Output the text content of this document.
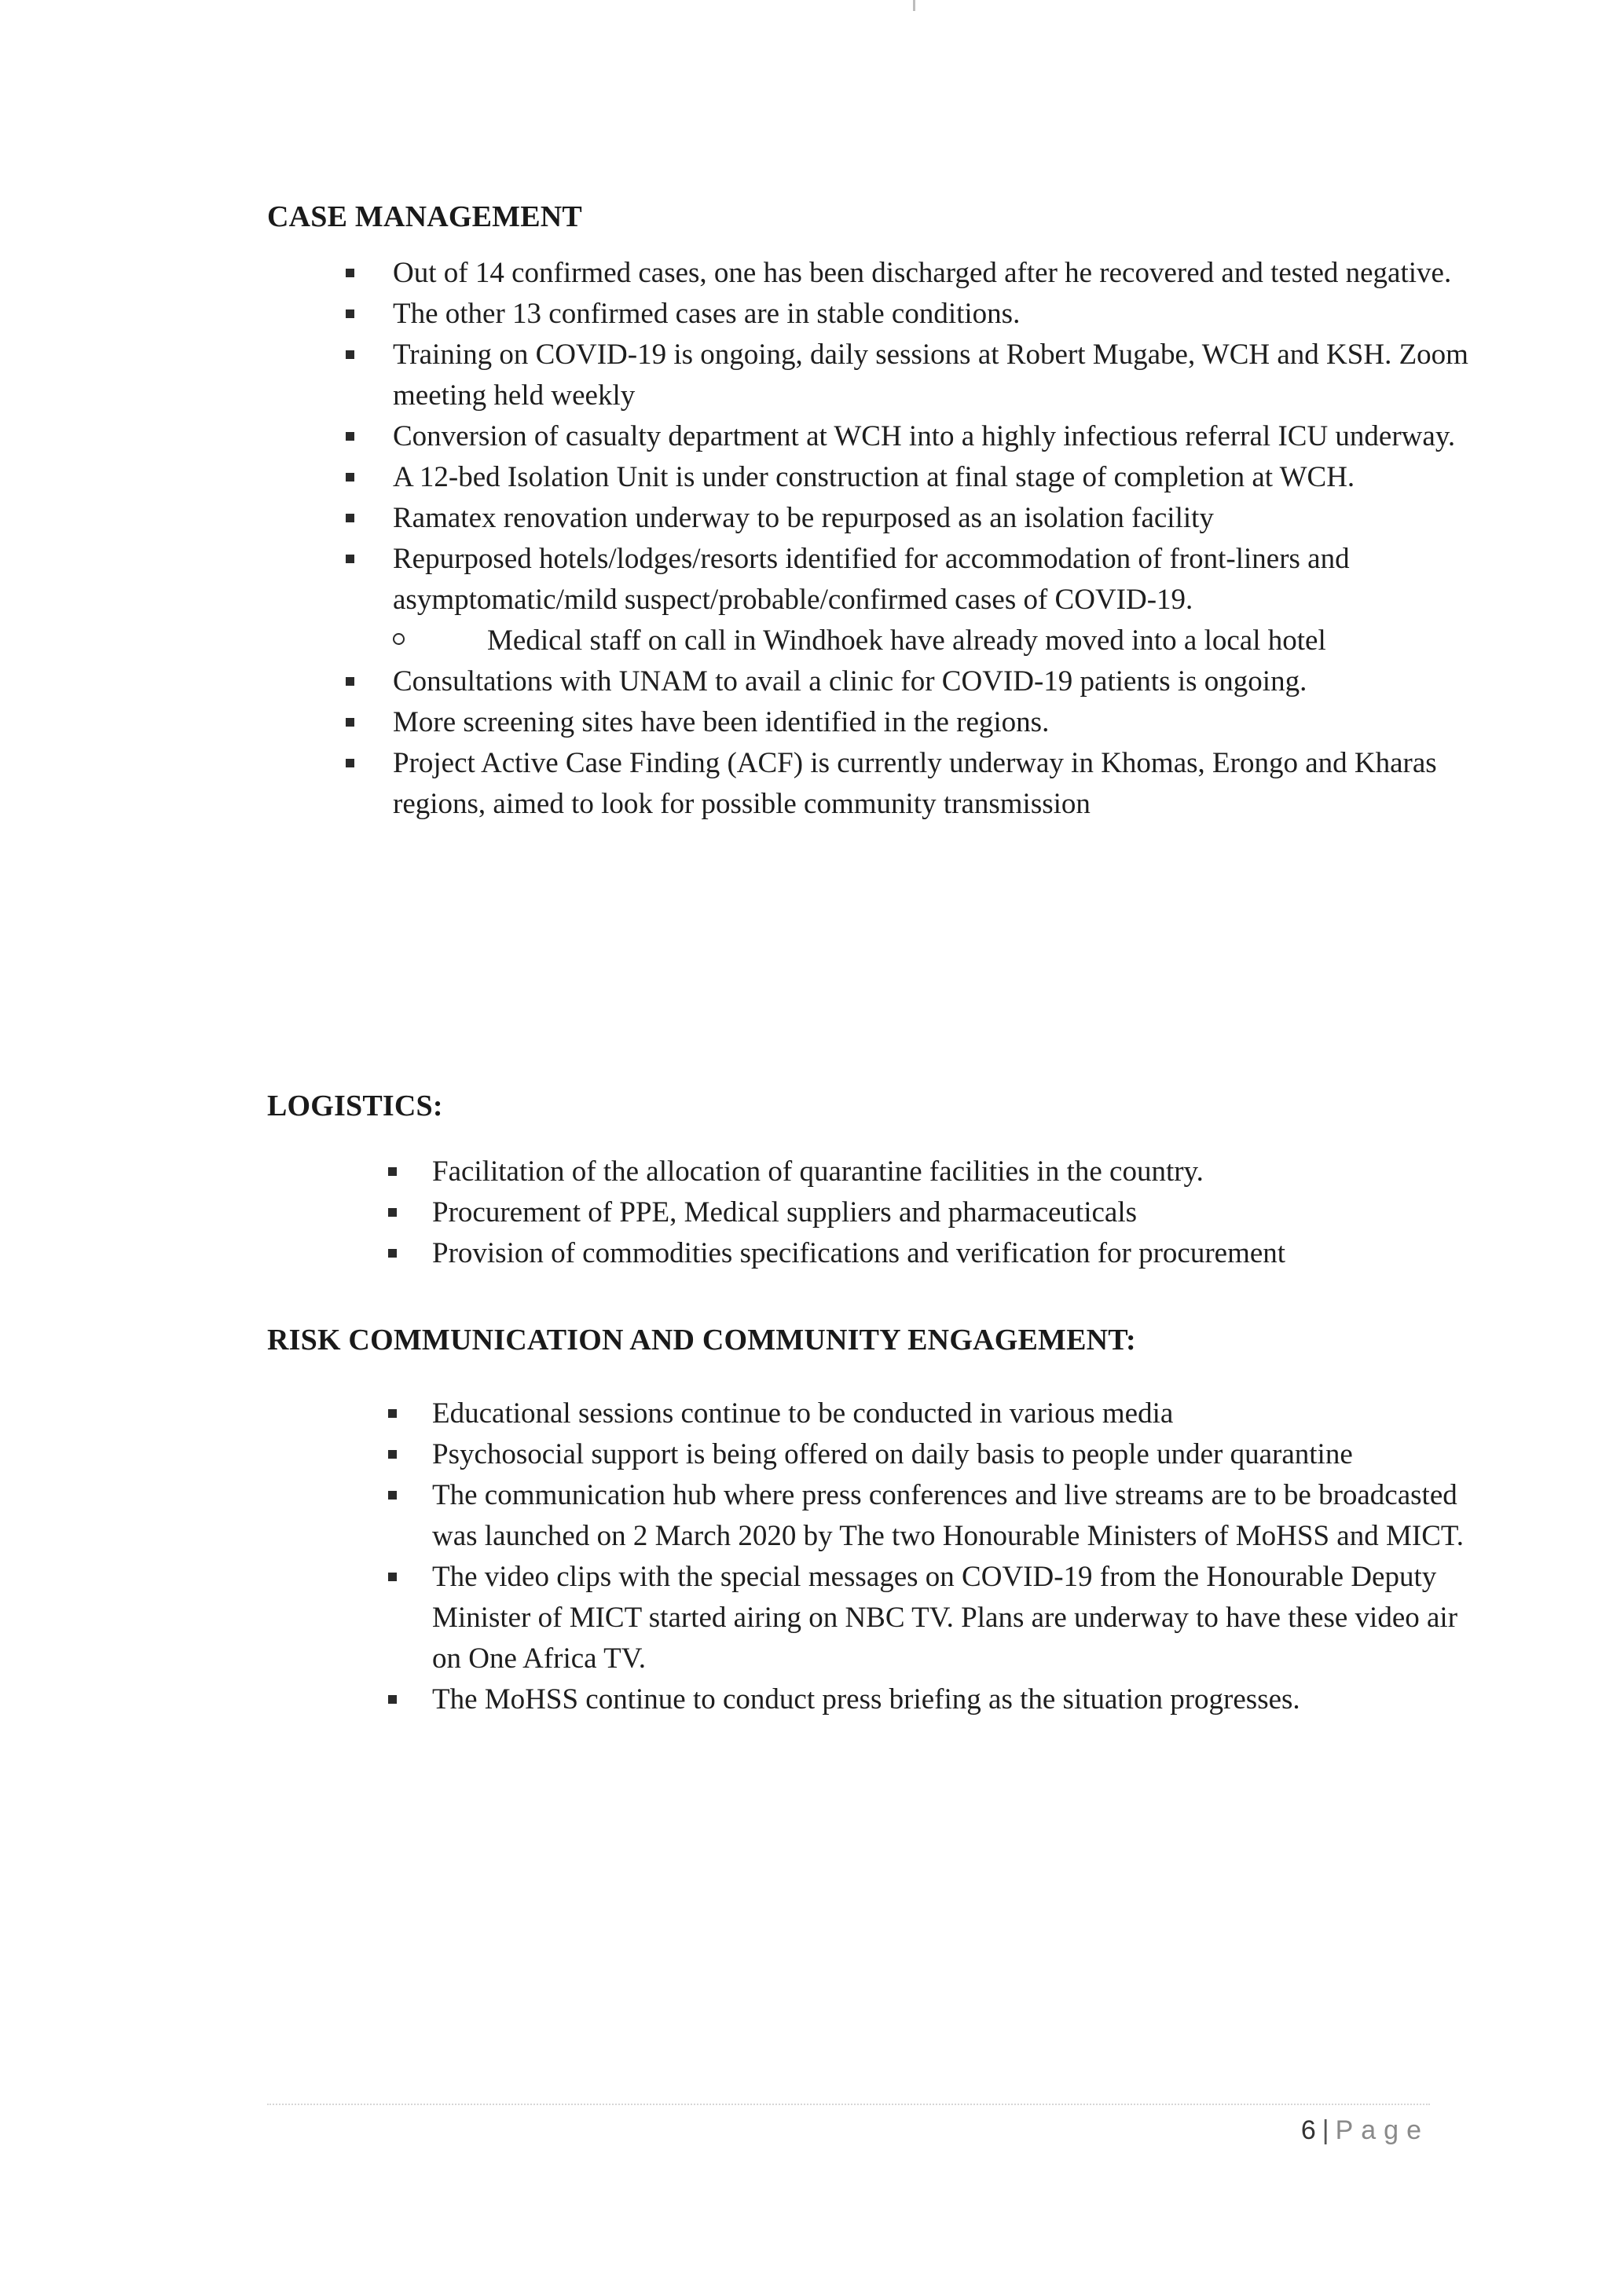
CASE MANAGEMENT
Out of 14 confirmed cases, one has been discharged after he recovered and tested negative.
The other 13 confirmed cases are in stable conditions.
Training on COVID-19 is ongoing, daily sessions at Robert Mugabe, WCH and KSH. Zoom meeting held weekly
Conversion of casualty department at WCH into a highly infectious referral ICU underway.
A 12-bed Isolation Unit is under construction at final stage of completion at WCH.
Ramatex renovation underway to be repurposed as an isolation facility
Repurposed hotels/lodges/resorts identified for accommodation of front-liners and asymptomatic/mild suspect/probable/confirmed cases of COVID-19.
Medical staff on call in Windhoek have already moved into a local hotel
Consultations with UNAM to avail a clinic for COVID-19 patients is ongoing.
More screening sites have been identified in the regions.
Project Active Case Finding (ACF) is currently underway in Khomas, Erongo and Kharas regions, aimed to look for possible community transmission
LOGISTICS:
Facilitation of the allocation of quarantine facilities in the country.
Procurement of PPE, Medical suppliers and pharmaceuticals
Provision of commodities specifications and verification for procurement
RISK COMMUNICATION AND COMMUNITY ENGAGEMENT:
Educational sessions continue to be conducted in various media
Psychosocial support is being offered on daily basis to people under quarantine
The communication hub where press conferences and live streams are to be broadcasted was launched on 2 March 2020 by The two Honourable Ministers of MoHSS and MICT.
The video clips with the special messages on COVID-19 from the Honourable Deputy Minister of MICT started airing on NBC TV. Plans are underway to have these video air on One Africa TV.
The MoHSS continue to conduct press briefing as the situation progresses.
6 | Page
